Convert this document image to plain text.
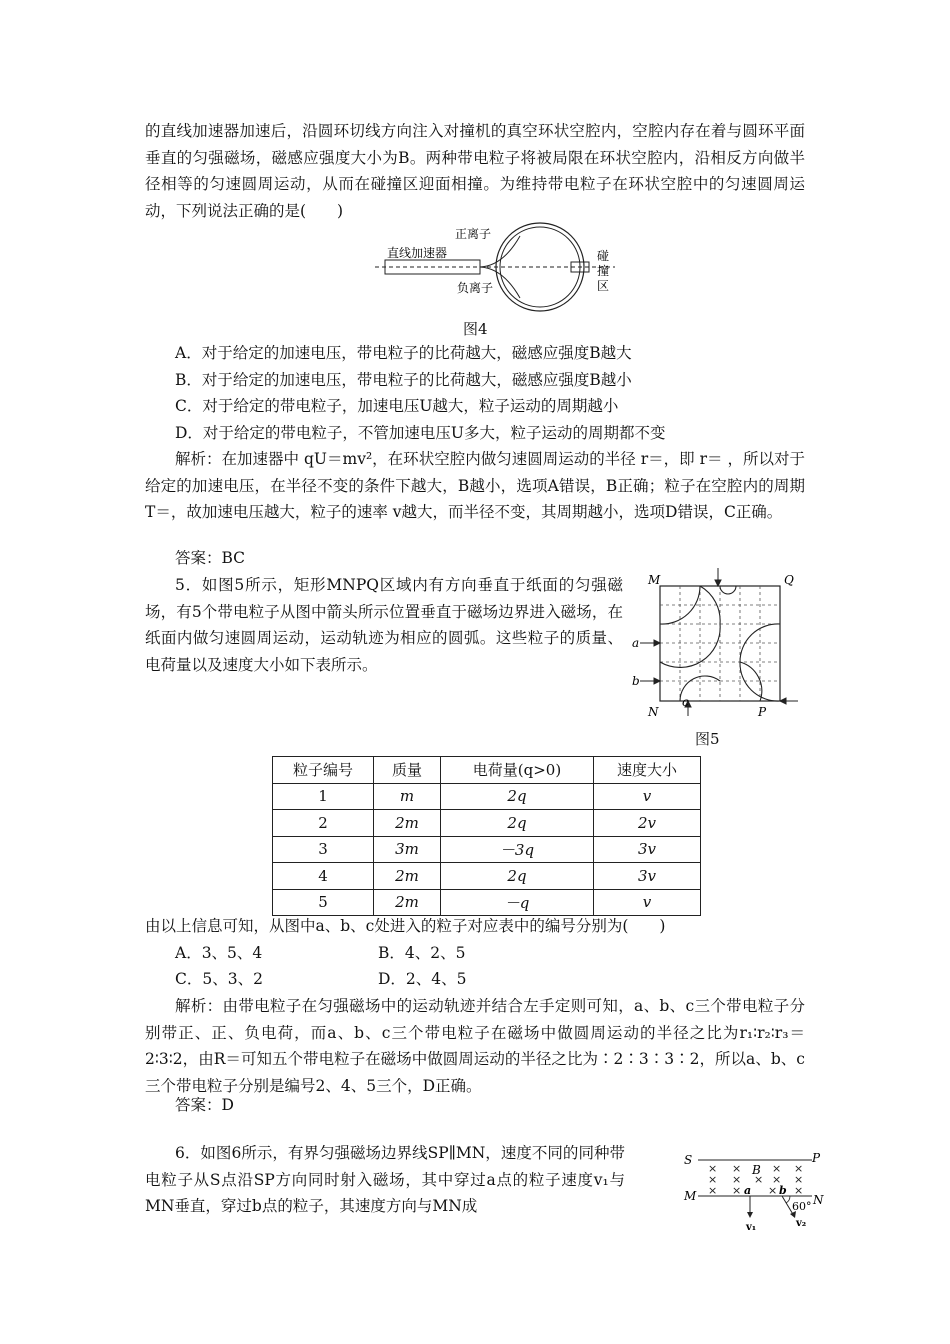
的直线加速器加速后，沿圆环切线方向注入对撞机的真空环状空腔内，空腔内存在着与圆环平面垂直的匀强磁场，磁感应强度大小为B。两种带电粒子将被局限在环状空腔内，沿相反方向做半径相等的匀速圆周运动，从而在碰撞区迎面相撞。为维持带电粒子在环状空腔中的匀速圆周运动，下列说法正确的是(　　)

直线加速器
正离子
负离子
碰
撞
区

图4

A．对于给定的加速电压，带电粒子的比荷越大，磁感应强度B越大

B．对于给定的加速电压，带电粒子的比荷越大，磁感应强度B越小

C．对于给定的带电粒子，加速电压U越大，粒子运动的周期越小

D．对于给定的带电粒子，不管加速电压U多大，粒子运动的周期都不变

解析：在加速器中 qU＝mv²，在环状空腔内做匀速圆周运动的半径 r＝，即 r＝ ，所以对于给定的加速电压，在半径不变的条件下越大，B越小，选项A错误，B正确；粒子在空腔内的周期 T＝，故加速电压越大，粒子的速率 v越大，而半径不变，其周期越小，选项D错误，C正确。

答案：BC

5．如图5所示，矩形MNPQ区域内有方向垂直于纸面的匀强磁场，有5个带电粒子从图中箭头所示位置垂直于磁场边界进入磁场，在纸面内做匀速圆周运动，运动轨迹为相应的圆弧。这些粒子的质量、电荷量以及速度大小如下表所示。

M	Q
N	P
a
b
c

图5

粒子编号	质量	电荷量(q>0)	速度大小
1	m	2q	v
2	2m	2q	2v
3	3m	－3q	3v
4	2m	2q	3v
5	2m	－q	v

由以上信息可知，从图中a、b、c处进入的粒子对应表中的编号分别为(　　)

A．3、5、4	B．4、2、5

C．5、3、2	D．2、4、5

解析：由带电粒子在匀强磁场中的运动轨迹并结合左手定则可知，a、b、c三个带电粒子分别带正、正、负电荷，而a、b、c三个带电粒子在磁场中做圆周运动的半径之比为r₁∶r₂∶r₃＝2∶3∶2，由R＝可知五个带电粒子在磁场中做圆周运动的半径之比为∶2∶3∶3∶2，所以a、b、c三个带电粒子分别是编号2、4、5三个，D正确。

答案：D

6．如图6所示，有界匀强磁场边界线SP∥MN，速度不同的同种带电粒子从S点沿SP方向同时射入磁场，其中穿过a点的粒子速度v₁与MN垂直，穿过b点的粒子，其速度方向与MN成

× ×	× ×
× × × × ×
× × × ×
S	P
M	N
B
a	b
60°
v₁	v₂
